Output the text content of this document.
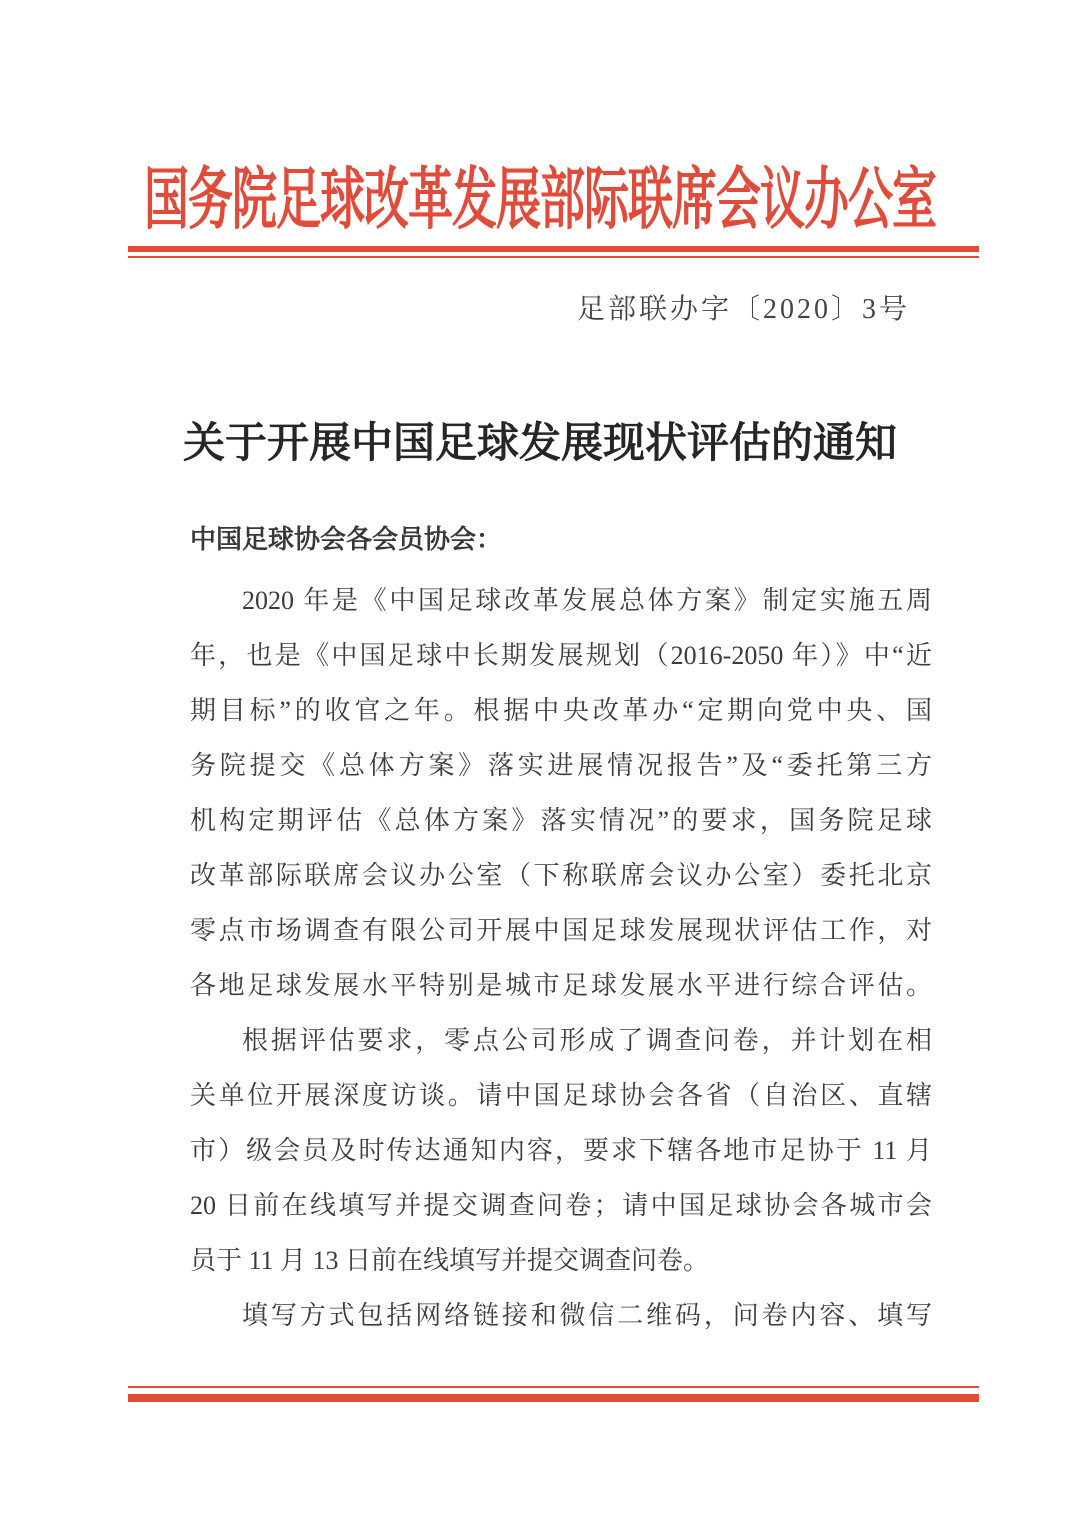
国务院足球改革发展部际联席会议办公室
足部联办字〔2020〕3号
关于开展中国足球发展现状评估的通知
中国足球协会各会员协会：
2020 年是《中国足球改革发展总体方案》制定实施五周
年，也是《中国足球中长期发展规划（2016-2050 年）》中“近
期目标”的收官之年。根据中央改革办“定期向党中央、国
务院提交《总体方案》落实进展情况报告”及“委托第三方
机构定期评估《总体方案》落实情况”的要求，国务院足球
改革部际联席会议办公室（下称联席会议办公室）委托北京
零点市场调查有限公司开展中国足球发展现状评估工作，对
各地足球发展水平特别是城市足球发展水平进行综合评估。
根据评估要求，零点公司形成了调查问卷，并计划在相
关单位开展深度访谈。请中国足球协会各省（自治区、直辖
市）级会员及时传达通知内容，要求下辖各地市足协于 11 月
20 日前在线填写并提交调查问卷；请中国足球协会各城市会
员于 11 月 13 日前在线填写并提交调查问卷。
填写方式包括网络链接和微信二维码，问卷内容、填写
